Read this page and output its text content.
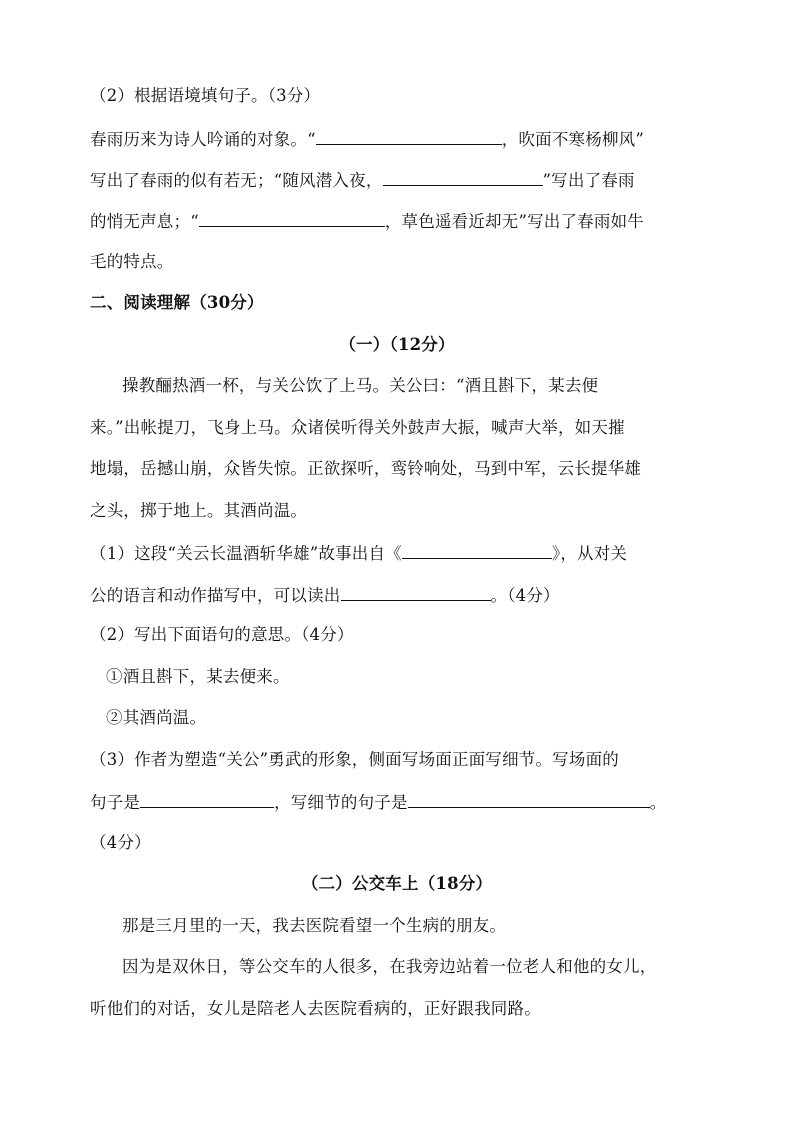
（2）根据语境填句子。（3分）
春雨历来为诗人吟诵的对象。“	，吹面不寒杨柳风”
写出了春雨的似有若无；“随风潜入夜，	”写出了春雨
的悄无声息；“	，草色遥看近却无”写出了春雨如牛
毛的特点。
二、阅读理解（30分）
（一）（12分）
操教酾热酒一杯，与关公饮了上马。关公曰：“酒且斟下，某去便
来。”出帐提刀，飞身上马。众诸侯听得关外鼓声大振，喊声大举，如天摧
地塌，岳撼山崩，众皆失惊。正欲探听，鸾铃响处，马到中军，云长提华雄
之头，掷于地上。其酒尚温。
（1）这段“关云长温酒斩华雄”故事出自《	》，从对关
公的语言和动作描写中，可以读出	。（4分）
（2）写出下面语句的意思。（4分）
①酒且斟下，某去便来。
②其酒尚温。
（3）作者为塑造“关公”勇武的形象，侧面写场面正面写细节。写场面的
句子是	，写细节的句子是	。
（4分）
（二）公交车上（18分）
那是三月里的一天，我去医院看望一个生病的朋友。
因为是双休日，等公交车的人很多，在我旁边站着一位老人和他的女儿，
听他们的对话，女儿是陪老人去医院看病的，正好跟我同路。
